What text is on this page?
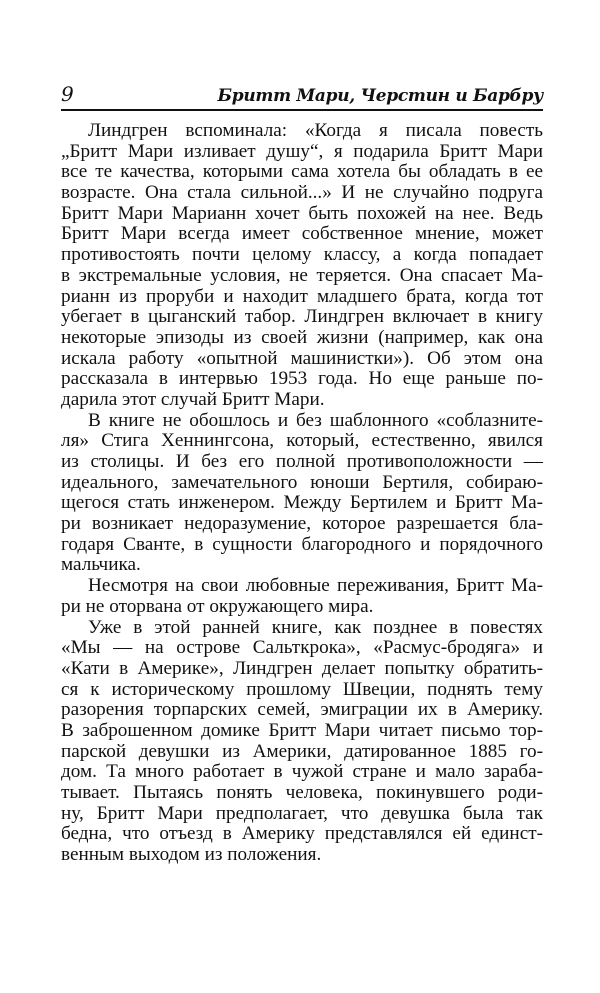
9	Бритт Мари, Черстин и Барбру
Линдгрен вспоминала: «Когда я писала повесть
„Бритт Мари изливает душу“, я подарила Бритт Мари
все те качества, которыми сама хотела бы обладать в ее
возрасте. Она стала сильной...» И не случайно подруга
Бритт Мари Марианн хочет быть похожей на нее. Ведь
Бритт Мари всегда имеет собственное мнение, может
противостоять почти целому классу, а когда попадает
в экстремальные условия, не теряется. Она спасает Ма-
рианн из проруби и находит младшего брата, когда тот
убегает в цыганский табор. Линдгрен включает в книгу
некоторые эпизоды из своей жизни (например, как она
искала работу «опытной машинистки»). Об этом она
рассказала в интервью 1953 года. Но еще раньше по-
дарила этот случай Бритт Мари.
В книге не обошлось и без шаблонного «соблазните-
ля» Стига Хеннингсона, который, естественно, явился
из столицы. И без его полной противоположности —
идеального, замечательного юноши Бертиля, собираю-
щегося стать инженером. Между Бертилем и Бритт Ма-
ри возникает недоразумение, которое разрешается бла-
годаря Сванте, в сущности благородного и порядочного
мальчика.
Несмотря на свои любовные переживания, Бритт Ма-
ри не оторвана от окружающего мира.
Уже в этой ранней книге, как позднее в повестях
«Мы — на острове Сальткрока», «Расмус-бродяга» и
«Кати в Америке», Линдгрен делает попытку обратить-
ся к историческому прошлому Швеции, поднять тему
разорения торпарских семей, эмиграции их в Америку.
В заброшенном домике Бритт Мари читает письмо тор-
парской девушки из Америки, датированное 1885 го-
дом. Та много работает в чужой стране и мало зараба-
тывает. Пытаясь понять человека, покинувшего роди-
ну, Бритт Мари предполагает, что девушка была так
бедна, что отъезд в Америку представлялся ей единст-
венным выходом из положения.
